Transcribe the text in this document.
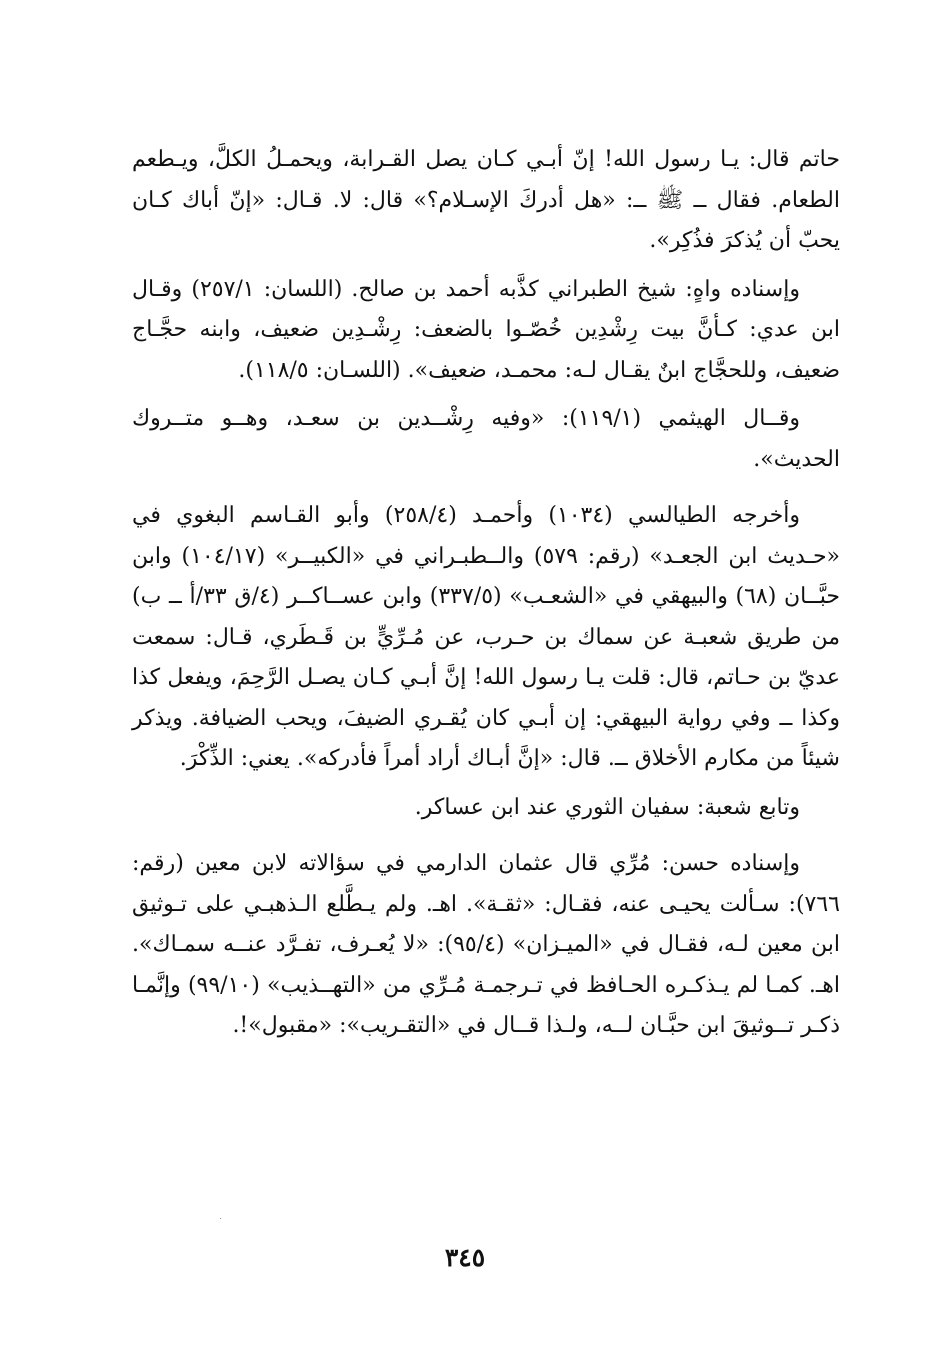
حاتم قال: يـا رسول الله! إنّ أبـي كـان يصل القـرابة، ويحمـلُ الكلَّ، ويـطعم الطعام. فقال ــ ﷺ ــ: «هل أدركَ الإسـلام؟» قال: لا. قـال: «إنّ أباك كـان يحبّ أن يُذكرَ فذُكِر».

وإسناده واهٍ: شيخ الطبراني كذَّبه أحمد بن صالح. (اللسان: ٢٥٧/١) وقـال ابن عدي: كـأنَّ بيت رِشْدِين خُصّـوا بالضعف: رِشْـدِين ضعيف، وابنه حجَّـاج ضعيف، وللحجَّاج ابنٌ يقـال لـه: محمـد، ضعيف». (اللسـان: ١١٨/٥).

وقــال الهيثمي (١١٩/١): «وفيه رِشْــدين بن سعـد، وهــو متــروك الحديث».

وأخرجه الطيالسي (١٠٣٤) وأحمـد (٢٥٨/٤) وأبو القـاسم البغوي في «حـديث ابن الجعـد» (رقم: ٥٧٩) والــطبـراني في «الكبيــر» (١٠٤/١٧) وابن حبَّــان (٦٨) والبيهقي في «الشعـب» (٣٣٧/٥) وابن عســاكــر (٤/ق ٣٣/أ ــ ب) من طريق شعبـة عن سماك بن حـرب، عن مُـرِّيٍّ بن قَـطَري، قـال: سمعت عديّ بن حـاتم، قال: قلت يـا رسول الله! إنَّ أبـي كـان يصـل الرَّحِمَ، ويفعل كذا وكذا ــ وفي رواية البيهقي: إن أبـي كان يُقـري الضيفَ، ويحب الضيافة. ويذكر شيئاً من مكارم الأخلاق ــ. قال: «إنَّ أبـاك أراد أمراً فأدركه». يعني: الذِّكْرَ.

وتابع شعبة: سفيان الثوري عند ابن عساكر.

وإسناده حسن: مُرِّي قال عثمان الدارمي في سؤالاته لابن معين (رقم: ٧٦٦): سـألت يحيـى عنه، فقـال: «ثقـة». اهـ. ولم يـطَّلع الـذهبـي على تـوثيق ابن معين لـه، فقـال في «الميـزان» (٩٥/٤): «لا يُعـرف، تفـرَّد عنــه سمـاك». اهـ. كمـا لم يـذكـره الحـافظ في تـرجمـة مُـرِّي من «التهــذيب» (٩٩/١٠) وإنَّمـا ذكـر تــوثيقَ ابن حبَّـان لــه، ولـذا قــال في «التقـريب»: «مقبول»!.

٣٤٥
